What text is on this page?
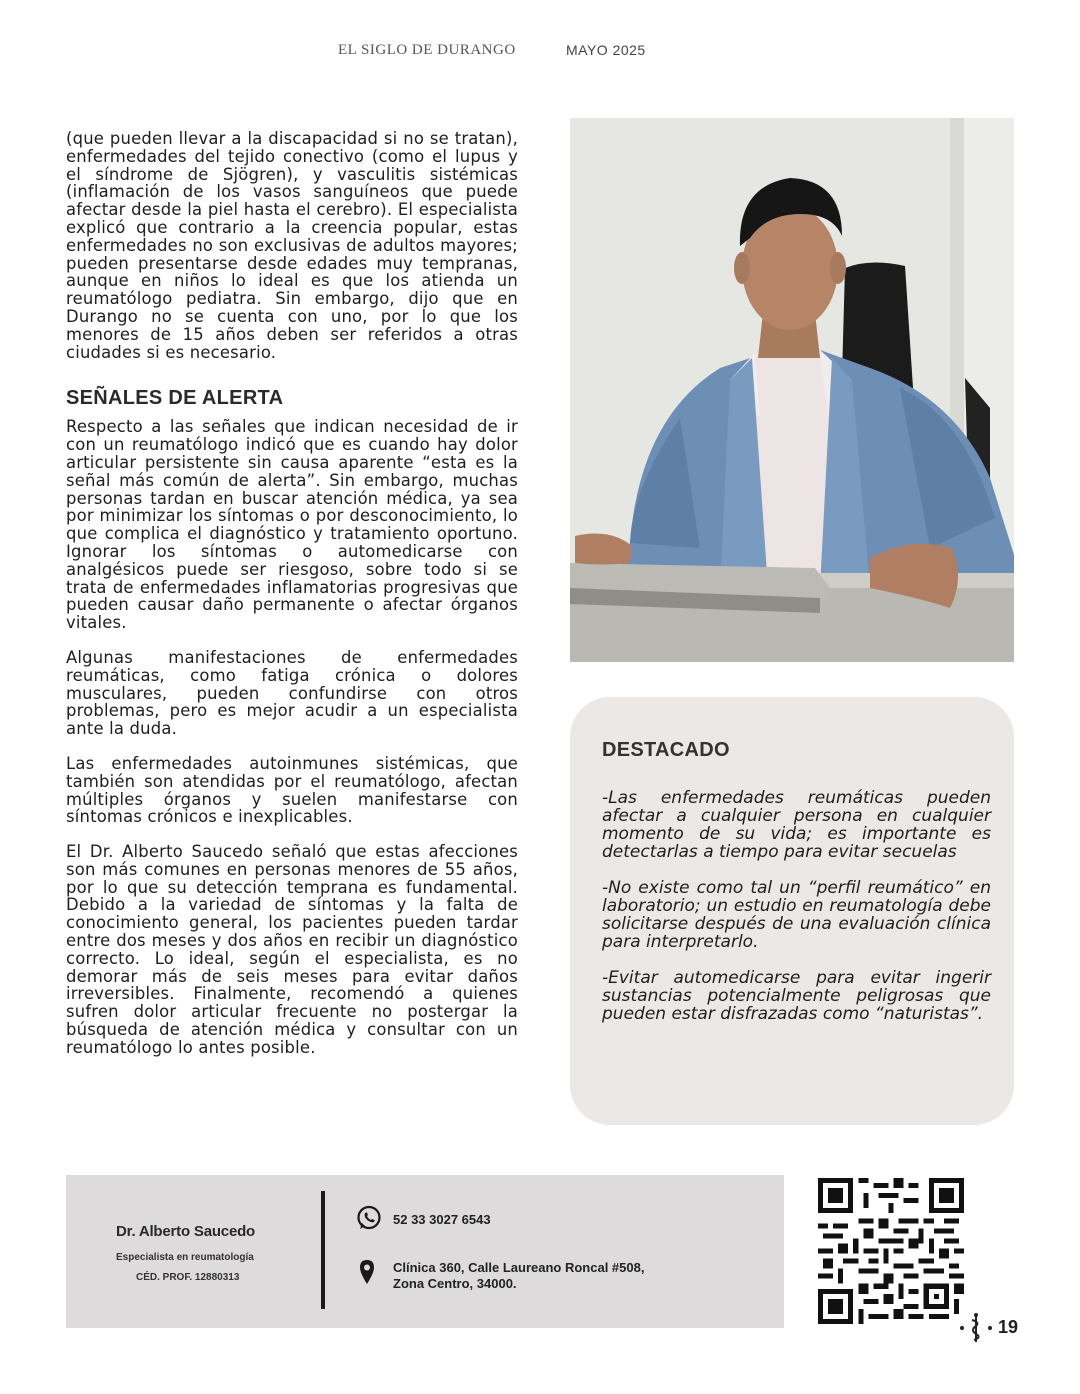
EL SIGLO DE DURANGO	MAYO 2025

(que pueden llevar a la discapacidad si no se tratan), enfermedades del tejido conectivo (como el lupus y el síndrome de Sjögren), y vasculitis sistémicas (inflamación de los vasos sanguíneos que puede afectar desde la piel hasta el cerebro). El especialista explicó que contrario a la creencia popular, estas enfermedades no son exclusivas de adultos mayores; pueden presentarse desde edades muy tempranas, aunque en niños lo ideal es que los atienda un reumatólogo pediatra. Sin embargo, dijo que en Durango no se cuenta con uno, por lo que los menores de 15 años deben ser referidos a otras ciudades si es necesario.

SEÑALES DE ALERTA

Respecto a las señales que indican necesidad de ir con un reumatólogo indicó que es cuando hay dolor articular persistente sin causa aparente “esta es la señal más común de alerta”. Sin embargo, muchas personas tardan en buscar atención médica, ya sea por minimizar los síntomas o por desconocimiento, lo que complica el diagnóstico y tratamiento oportuno. Ignorar los síntomas o automedicarse con analgésicos puede ser riesgoso, sobre todo si se trata de enfermedades inflamatorias progresivas que pueden causar daño permanente o afectar órganos vitales.

Algunas manifestaciones de enfermedades reumáticas, como fatiga crónica o dolores musculares, pueden confundirse con otros problemas, pero es mejor acudir a un especialista ante la duda.

Las enfermedades autoinmunes sistémicas, que también son atendidas por el reumatólogo, afectan múltiples órganos y suelen manifestarse con síntomas crónicos e inexplicables.

El Dr. Alberto Saucedo señaló que estas afecciones son más comunes en personas menores de 55 años, por lo que su detección temprana es fundamental. Debido a la variedad de síntomas y la falta de conocimiento general, los pacientes pueden tardar entre dos meses y dos años en recibir un diagnóstico correcto. Lo ideal, según el especialista, es no demorar más de seis meses para evitar daños irreversibles. Finalmente, recomendó a quienes sufren dolor articular frecuente no postergar la búsqueda de atención médica y consultar con un reumatólogo lo antes posible.

DESTACADO

-Las enfermedades reumáticas pueden afectar a cualquier persona en cualquier momento de su vida; es importante es detectarlas a tiempo para evitar secuelas

-No existe como tal un “perfil reumático” en laboratorio; un estudio en reumatología debe solicitarse después de una evaluación clínica para interpretarlo.

-Evitar automedicarse para evitar ingerir sustancias potencialmente peligrosas que pueden estar disfrazadas como “naturistas”.

Dr. Alberto Saucedo
Especialista en reumatología
CÉD. PROF. 12880313
52 33 3027 6543
Clínica 360, Calle Laureano Roncal #508,
Zona Centro, 34000.
19
